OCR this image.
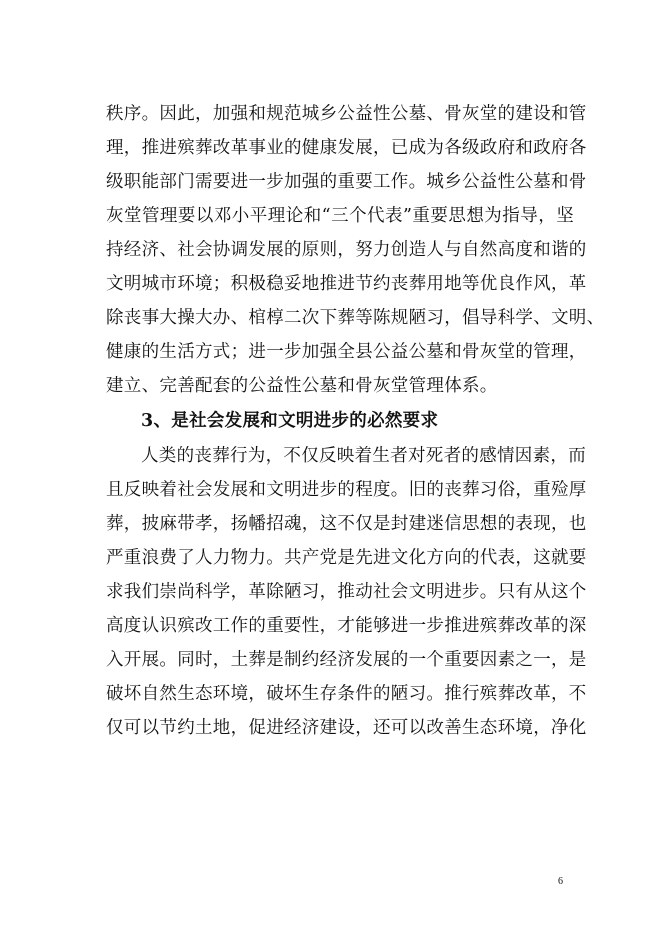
秩序。因此，加强和规范城乡公益性公墓、骨灰堂的建设和管
理，推进殡葬改革事业的健康发展，已成为各级政府和政府各
级职能部门需要进一步加强的重要工作。城乡公益性公墓和骨
灰堂管理要以邓小平理论和“三个代表”重要思想为指导，坚
持经济、社会协调发展的原则，努力创造人与自然高度和谐的
文明城市环境；积极稳妥地推进节约丧葬用地等优良作风，革
除丧事大操大办、棺椁二次下葬等陈规陋习，倡导科学、文明、
健康的生活方式；进一步加强全县公益公墓和骨灰堂的管理，
建立、完善配套的公益性公墓和骨灰堂管理体系。
3、是社会发展和文明进步的必然要求
人类的丧葬行为，不仅反映着生者对死者的感情因素，而
且反映着社会发展和文明进步的程度。旧的丧葬习俗，重殓厚
葬，披麻带孝，扬幡招魂，这不仅是封建迷信思想的表现，也
严重浪费了人力物力。共产党是先进文化方向的代表，这就要
求我们崇尚科学，革除陋习，推动社会文明进步。只有从这个
高度认识殡改工作的重要性，才能够进一步推进殡葬改革的深
入开展。同时，土葬是制约经济发展的一个重要因素之一，是
破坏自然生态环境，破坏生存条件的陋习。推行殡葬改革，不
仅可以节约土地，促进经济建设，还可以改善生态环境，净化
6
